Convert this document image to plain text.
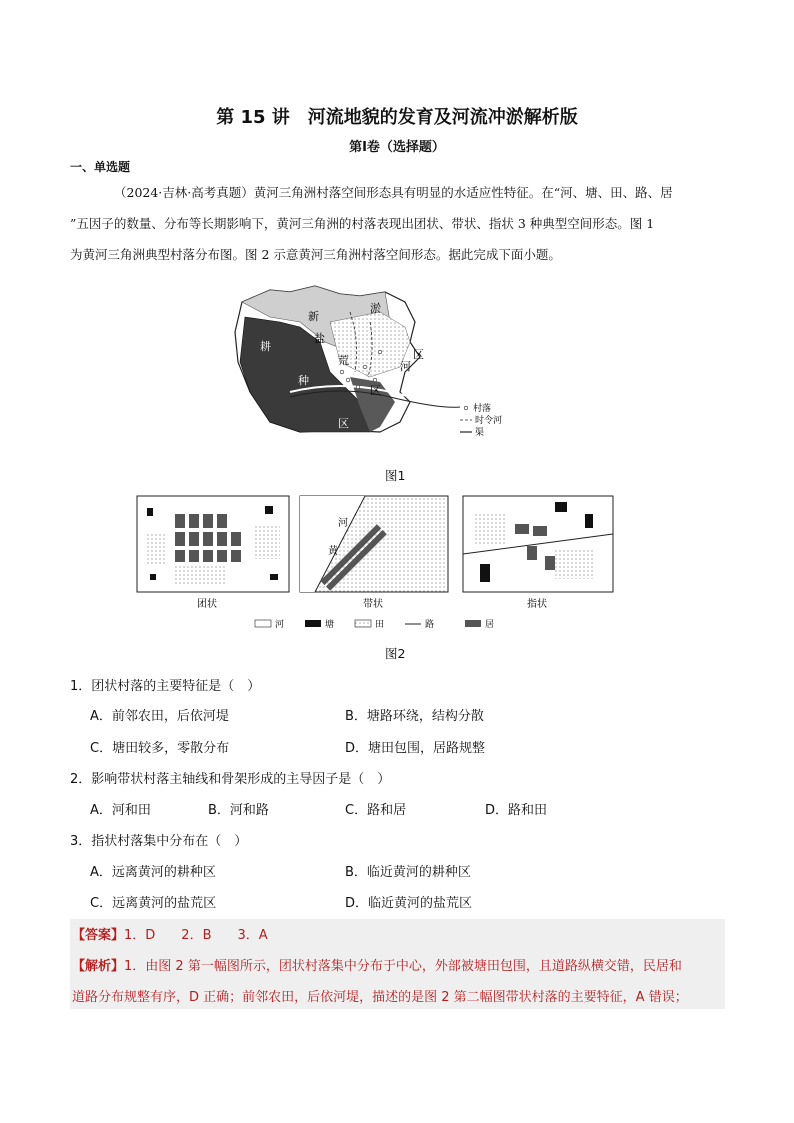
第 15 讲　河流地貌的发育及河流冲淤解析版
第Ⅰ卷（选择题）
一、单选题
（2024·吉林·高考真题）黄河三角洲村落空间形态具有明显的水适应性特征。在“河、塘、田、路、居
”五因子的数量、分布等长期影响下，黄河三角洲的村落表现出团状、带状、指状 3 种典型空间形态。图 1
为黄河三角洲典型村落分布图。图 2 示意黄河三角洲村落空间形态。据此完成下面小题。
新
淤
盐
荒	区
河
耕
种
区
区
村落
时令河
渠
图1
河
黄
团状	带状	指状
河	塘	田	路	居
图2
1．团状村落的主要特征是（　）
A．前邻农田，后依河堤	B．塘路环绕，结构分散
C．塘田较多，零散分布	D．塘田包围，居路规整
2．影响带状村落主轴线和骨架形成的主导因子是（　）
A．河和田	B．河和路	C．路和居	D．路和田
3．指状村落集中分布在（　）
A．远离黄河的耕种区	B．临近黄河的耕种区
C．远离黄河的盐荒区	D．临近黄河的盐荒区
【答案】1．D　　2．B　　3．A
【解析】1．由图 2 第一幅图所示，团状村落集中分布于中心，外部被塘田包围，且道路纵横交错，民居和
道路分布规整有序，D 正确；前邻农田，后依河堤，描述的是图 2 第二幅图带状村落的主要特征，A 错误；
